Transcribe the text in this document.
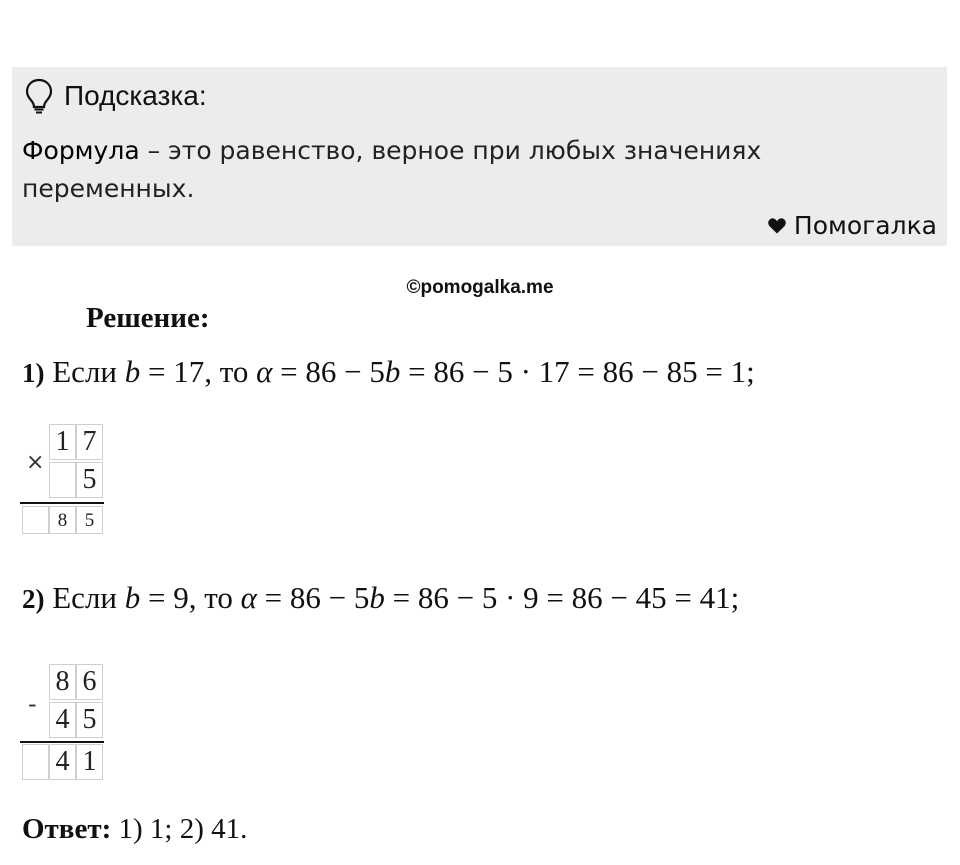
Подсказка:
Формула – это равенство, верное при любых значениях переменных.
Помогалка
©pomogalka.me
Решение:
1) Если b = 17, то α = 86 − 5b = 86 − 5 · 17 = 86 − 85 = 1;
×
1 7
5
8 5
2) Если b = 9, то α = 86 − 5b = 86 − 5 · 9 = 86 − 45 = 41;
-
8 6
4 5
4 1
Ответ: 1) 1; 2) 41.
